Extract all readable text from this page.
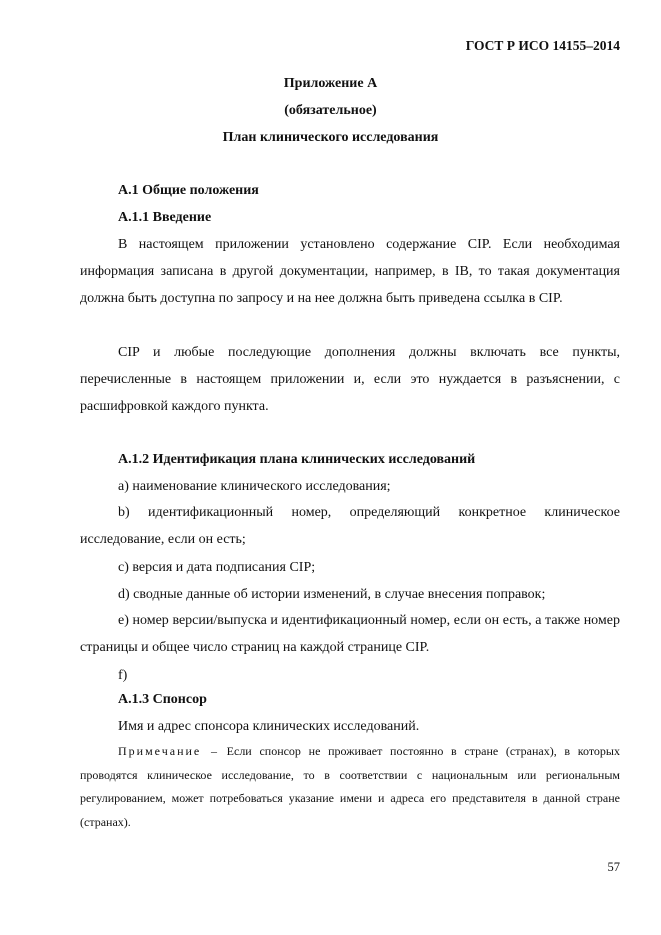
ГОСТ Р ИСО 14155–2014
Приложение А
(обязательное)
План клинического исследования
А.1 Общие положения
А.1.1 Введение
В настоящем приложении установлено содержание CIP. Если необходимая информация записана в другой документации, например, в IB, то такая документация должна быть доступна по запросу и на нее должна быть приведена ссылка в CIP.
CIP и любые последующие дополнения должны включать все пункты, перечисленные в настоящем приложении и, если это нуждается в разъяснении, с расшифровкой каждого пункта.
А.1.2 Идентификация плана клинических исследований
а) наименование клинического исследования;
b) идентификационный номер, определяющий конкретное клиническое исследование, если он есть;
с) версия и дата подписания CIP;
d) сводные данные об истории изменений, в случае внесения поправок;
е) номер версии/выпуска и идентификационный номер, если он есть, а также номер страницы и общее число страниц на каждой странице CIP.
f)
А.1.3 Спонсор
Имя и адрес спонсора клинических исследований.
Примечание – Если спонсор не проживает постоянно в стране (странах), в которых проводятся клиническое исследование, то в соответствии с национальным или региональным регулированием, может потребоваться указание имени и адреса его представителя в данной стране (странах).
57
